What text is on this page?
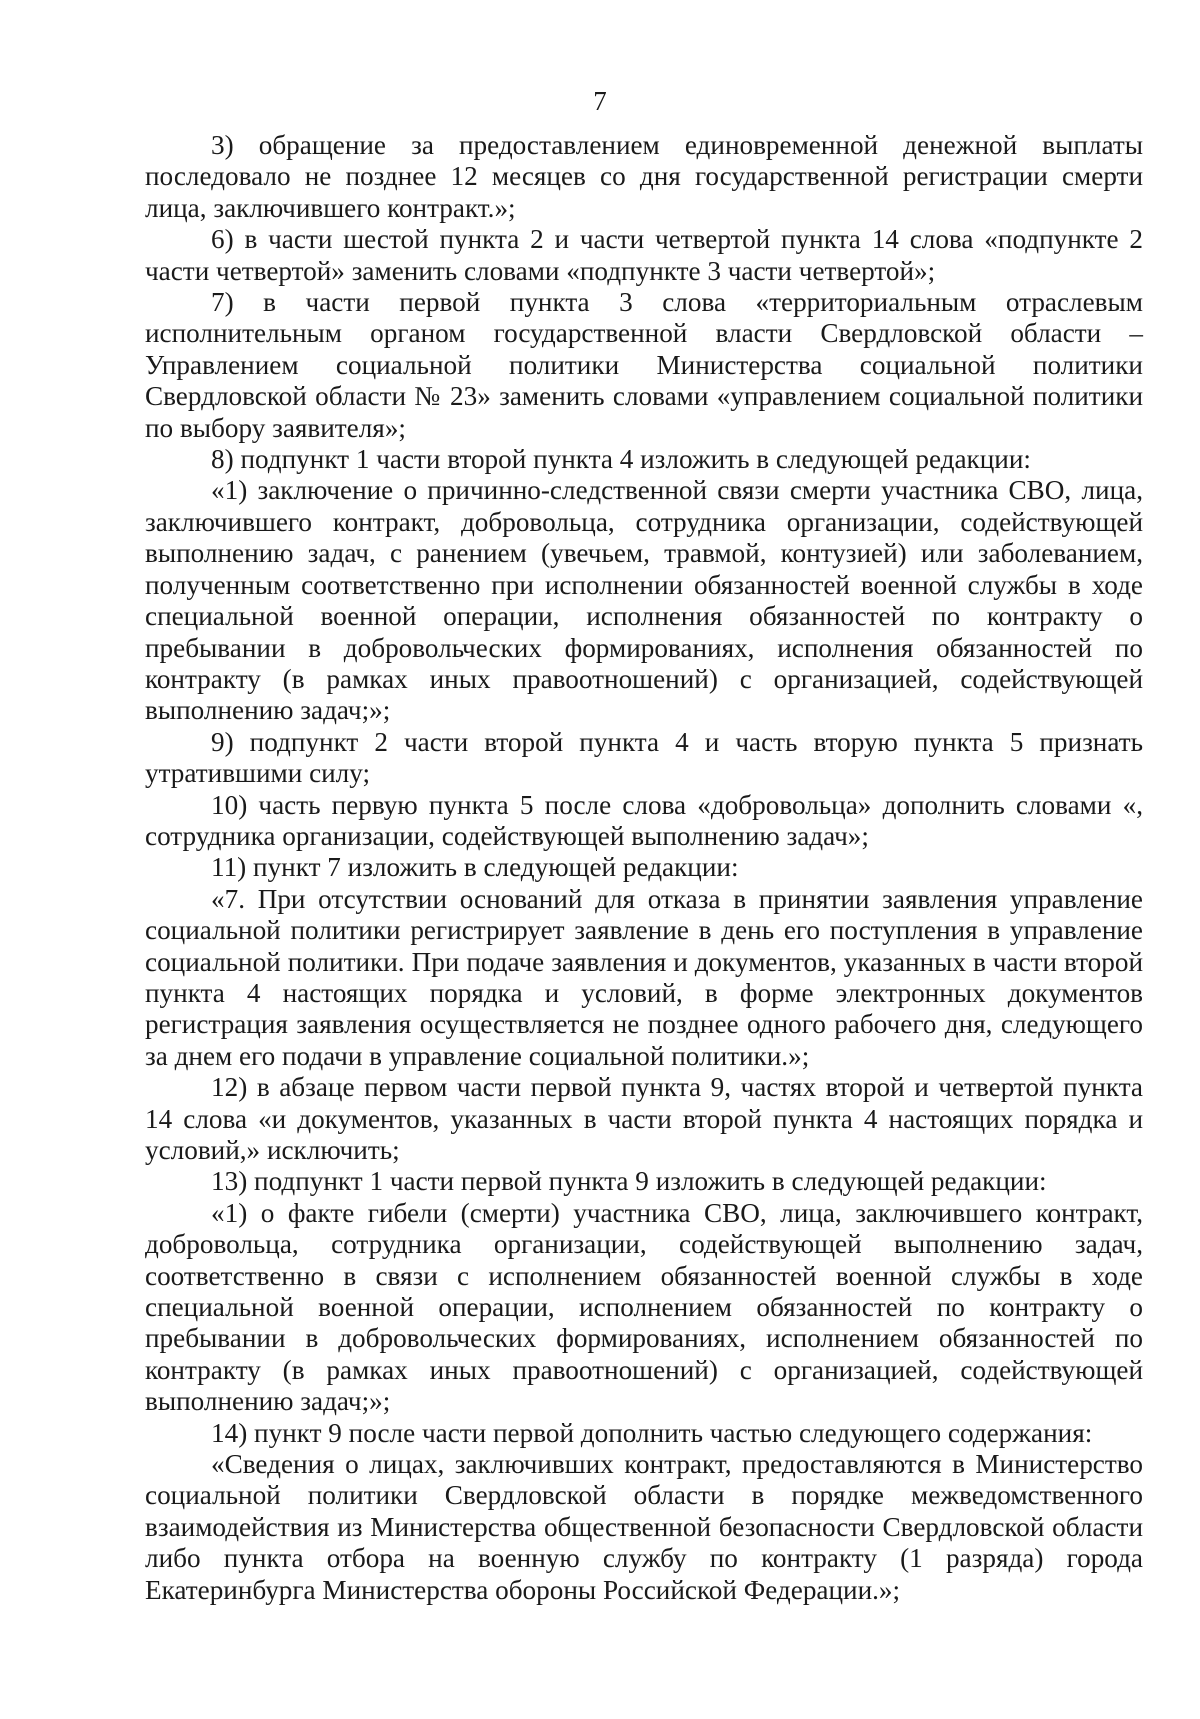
7

3) обращение за предоставлением единовременной денежной выплаты последовало не позднее 12 месяцев со дня государственной регистрации смерти лица, заключившего контракт.»;

6) в части шестой пункта 2 и части четвертой пункта 14 слова «подпункте 2 части четвертой» заменить словами «подпункте 3 части четвертой»;

7) в части первой пункта 3 слова «территориальным отраслевым исполнительным органом государственной власти Свердловской области – Управлением социальной политики Министерства социальной политики Свердловской области № 23» заменить словами «управлением социальной политики по выбору заявителя»;

8) подпункт 1 части второй пункта 4 изложить в следующей редакции:

«1) заключение о причинно-следственной связи смерти участника СВО, лица, заключившего контракт, добровольца, сотрудника организации, содействующей выполнению задач, с ранением (увечьем, травмой, контузией) или заболеванием, полученным соответственно при исполнении обязанностей военной службы в ходе специальной военной операции, исполнения обязанностей по контракту о пребывании в добровольческих формированиях, исполнения обязанностей по контракту (в рамках иных правоотношений) с организацией, содействующей выполнению задач;»;

9) подпункт 2 части второй пункта 4 и часть вторую пункта 5 признать утратившими силу;

10) часть первую пункта 5 после слова «добровольца» дополнить словами «, сотрудника организации, содействующей выполнению задач»;

11) пункт 7 изложить в следующей редакции:

«7. При отсутствии оснований для отказа в принятии заявления управление социальной политики регистрирует заявление в день его поступления в управление социальной политики. При подаче заявления и документов, указанных в части второй пункта 4 настоящих порядка и условий, в форме электронных документов регистрация заявления осуществляется не позднее одного рабочего дня, следующего за днем его подачи в управление социальной политики.»;

12) в абзаце первом части первой пункта 9, частях второй и четвертой пункта 14 слова «и документов, указанных в части второй пункта 4 настоящих порядка и условий,» исключить;

13) подпункт 1 части первой пункта 9 изложить в следующей редакции:

«1) о факте гибели (смерти) участника СВО, лица, заключившего контракт, добровольца, сотрудника организации, содействующей выполнению задач, соответственно в связи с исполнением обязанностей военной службы в ходе специальной военной операции, исполнением обязанностей по контракту о пребывании в добровольческих формированиях, исполнением обязанностей по контракту (в рамках иных правоотношений) с организацией, содействующей выполнению задач;»;

14) пункт 9 после части первой дополнить частью следующего содержания:

«Сведения о лицах, заключивших контракт, предоставляются в Министерство социальной политики Свердловской области в порядке межведомственного взаимодействия из Министерства общественной безопасности Свердловской области либо пункта отбора на военную службу по контракту (1 разряда) города Екатеринбурга Министерства обороны Российской Федерации.»;
